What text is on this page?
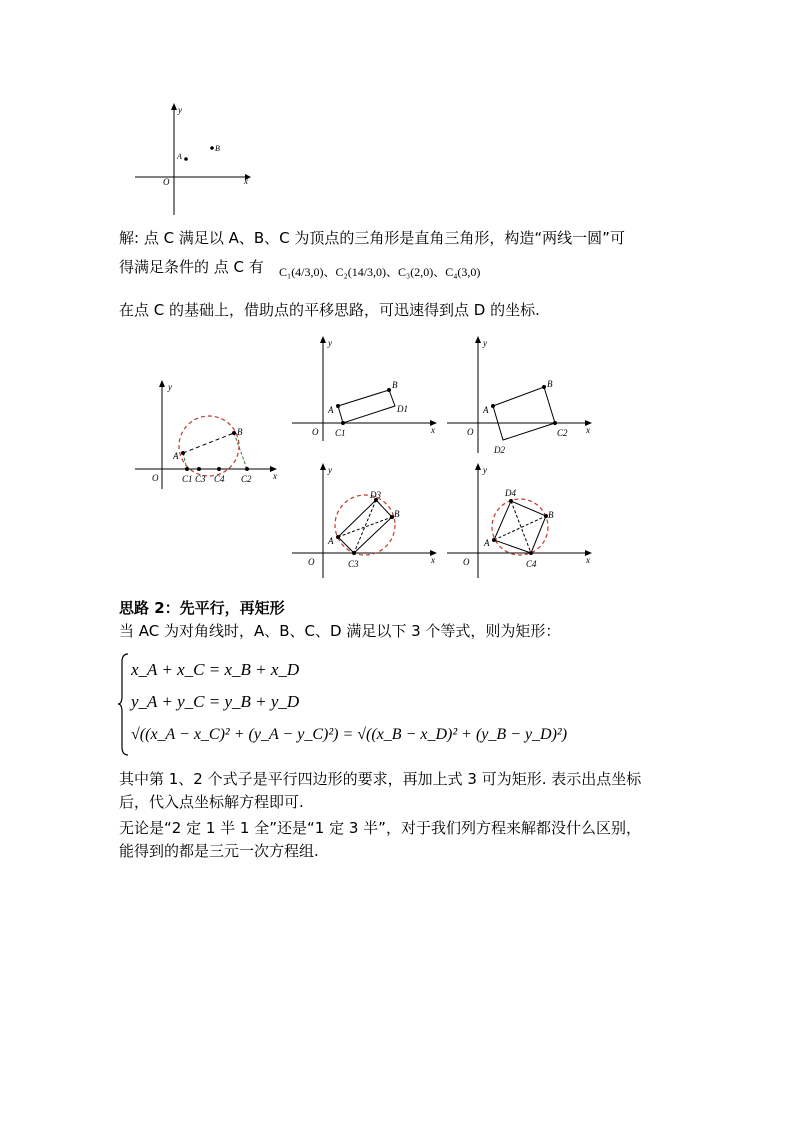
O	x
y
A
B
解: 点 C 满足以 A、B、C 为顶点的三角形是直角三角形，构造“两线一圆”可
得满足条件的 点 C 有 C₁(4/3,0)、C₂(14/3,0)、C₃(2,0)、C₄(3,0)
在点 C 的基础上，借助点的平移思路，可迅速得到点 D 的坐标.
O	x
y
A
B
C1 C3 C4 C2
O	x
y
A
B
D1
C1	O	x
y
A
B
D2
C2
O	x
y
A
B
D3
C3	O	x
y
A
B
D4
C4
思路 2：先平行，再矩形
当 AC 为对角线时，A、B、C、D 满足以下 3 个等式，则为矩形：
x_A + x_C = x_B + x_D
y_A + y_C = y_B + y_D
√((x_A − x_C)² + (y_A − y_C)²) = √((x_B − x_D)² + (y_B − y_D)²)
其中第 1、2 个式子是平行四边形的要求，再加上式 3 可为矩形. 表示出点坐标
后，代入点坐标解方程即可.
无论是“2 定 1 半 1 全”还是“1 定 3 半”，对于我们列方程来解都没什么区别，
能得到的都是三元一次方程组.
